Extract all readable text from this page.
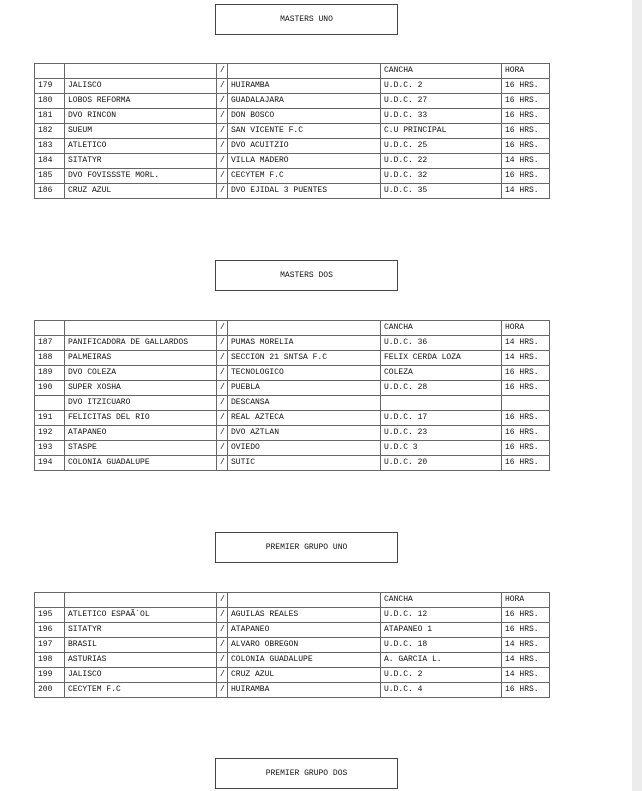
MASTERS UNO
		/		CANCHA	HORA
179	JALISCO	/	HUIRAMBA	U.D.C. 2	16 HRS.
180	LOBOS REFORMA	/	GUADALAJARA	U.D.C. 27	16 HRS.
181	DVO RINCON	/	DON BOSCO	U.D.C. 33	16 HRS.
182	SUEUM	/	SAN VICENTE F.C	C.U PRINCIPAL	16 HRS.
183	ATLETICO	/	DVO ACUITZIO	U.D.C. 25	16 HRS.
184	SITATYR	/	VILLA MADERO	U.D.C. 22	14 HRS.
185	DVO FOVISSSTE MORL.	/	CECYTEM F.C	U.D.C. 32	16 HRS.
186	CRUZ AZUL	/	DVO EJIDAL 3 PUENTES	U.D.C. 35	14 HRS.
MASTERS DOS
		/		CANCHA	HORA
187	PANIFICADORA DE GALLARDOS	/	PUMAS MORELIA	U.D.C. 36	14 HRS.
188	PALMEIRAS	/	SECCION 21 SNTSA F.C	FELIX CERDA LOZA	14 HRS.
189	DVO COLEZA	/	TECNOLOGICO	COLEZA	16 HRS.
190	SUPER XOSHA	/	PUEBLA	U.D.C. 28	16 HRS.
	DVO ITZICUARO	/	DESCANSA		
191	FELICITAS DEL RIO	/	REAL AZTECA	U.D.C. 17	16 HRS.
192	ATAPANEO	/	DVO AZTLAN	U.D.C. 23	16 HRS.
193	STASPE	/	OVIEDO	U.D.C 3	16 HRS.
194	COLONIA GUADALUPE	/	SUTIC	U.D.C. 20	16 HRS.
PREMIER GRUPO UNO
		/		CANCHA	HORA
195	ATLETICO ESPAÃ´OL	/	AGUILAS REALES	U.D.C. 12	16 HRS.
196	SITATYR	/	ATAPANEO	ATAPANEO 1	16 HRS.
197	BRASIL	/	ALVARO OBREGON	U.D.C. 18	14 HRS.
198	ASTURIAS	/	COLONIA GUADALUPE	A. GARCIA L.	14 HRS.
199	JALISCO	/	CRUZ AZUL	U.D.C. 2	14 HRS.
200	CECYTEM F.C	/	HUIRAMBA	U.D.C. 4	16 HRS.
PREMIER GRUPO DOS
